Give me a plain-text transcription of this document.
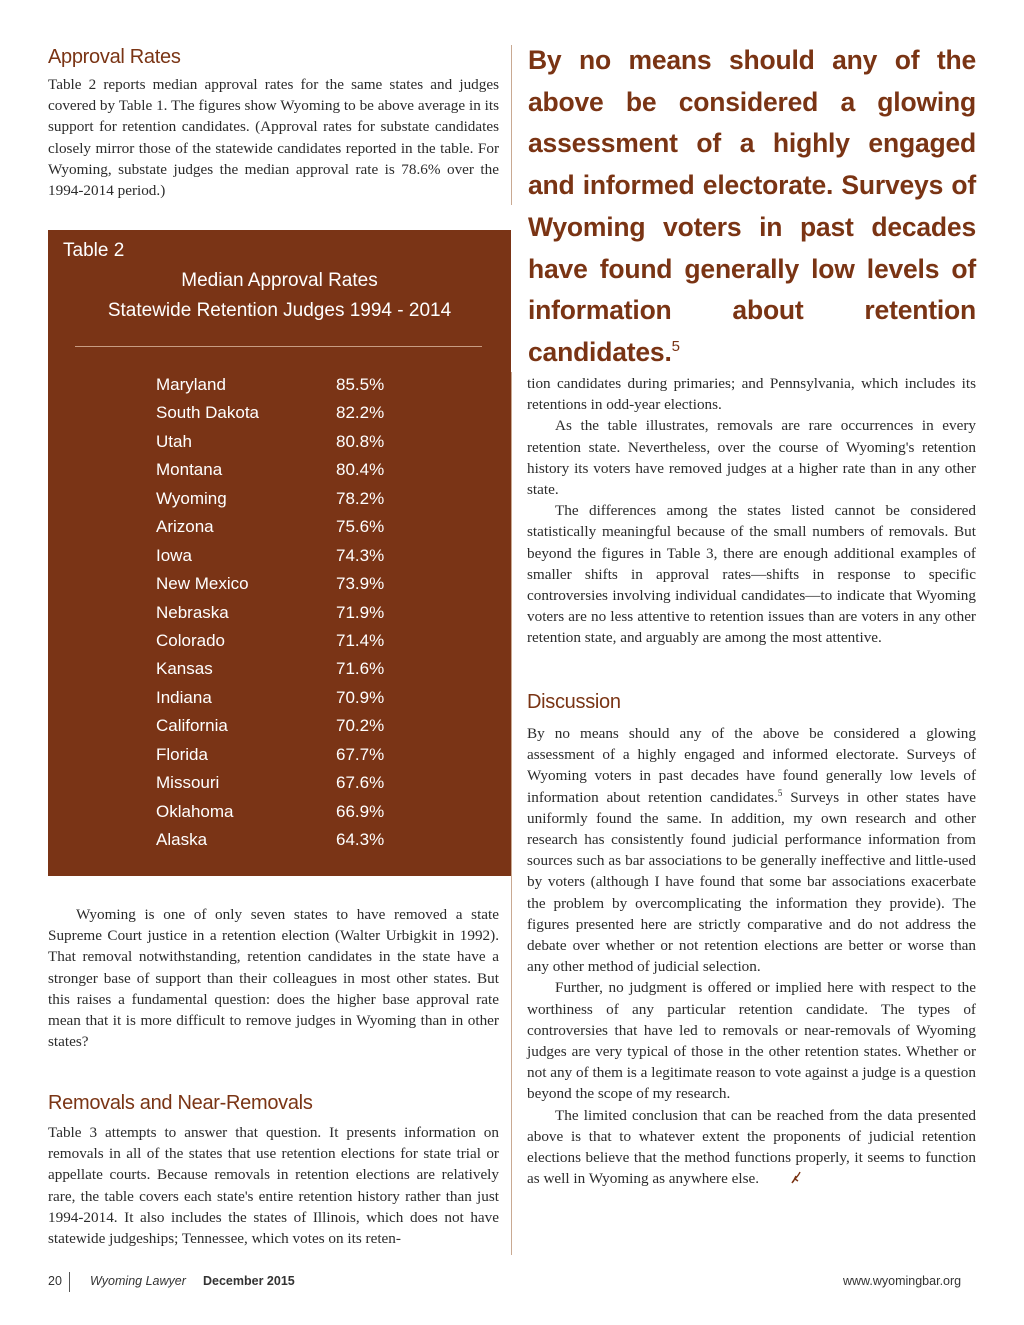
Approval Rates

Table 2 reports median approval rates for the same states and judges covered by Table 1. The figures show Wyoming to be above average in its support for retention candidates. (Approval rates for substate candidates closely mirror those of the statewide candidates reported in the table. For Wyoming, substate judges the median approval rate is 78.6% over the 1994-2014 period.)

Table 2
Median Approval Rates
Statewide Retention Judges 1994 - 2014
Maryland	85.5%
South Dakota	82.2%
Utah	80.8%
Montana	80.4%
Wyoming	78.2%
Arizona	75.6%
Iowa	74.3%
New Mexico	73.9%
Nebraska	71.9%
Colorado	71.4%
Kansas	71.6%
Indiana	70.9%
California	70.2%
Florida	67.7%
Missouri	67.6%
Oklahoma	66.9%
Alaska	64.3%

Wyoming is one of only seven states to have removed a state Supreme Court justice in a retention election (Walter Urbigkit in 1992). That removal notwithstanding, retention candidates in the state have a stronger base of support than their colleagues in most other states. But this raises a fundamental question: does the higher base approval rate mean that it is more difficult to remove judges in Wyoming than in other states?

Removals and Near-Removals

Table 3 attempts to answer that question. It presents information on removals in all of the states that use retention elections for state trial or appellate courts. Because removals in retention elections are relatively rare, the table covers each state's entire retention history rather than just 1994-2014. It also includes the states of Illinois, which does not have statewide judgeships; Tennessee, which votes on its reten-

By no means should any of the above be considered a glowing assessment of a highly engaged and informed electorate. Surveys of Wyoming voters in past decades have found generally low levels of information about retention candidates.$^5$

tion candidates during primaries; and Pennsylvania, which includes its retentions in odd-year elections.

As the table illustrates, removals are rare occurrences in every retention state. Nevertheless, over the course of Wyoming's retention history its voters have removed judges at a higher rate than in any other state.

The differences among the states listed cannot be considered statistically meaningful because of the small numbers of removals. But beyond the figures in Table 3, there are enough additional examples of smaller shifts in approval rates—shifts in response to specific controversies involving individual candidates—to indicate that Wyoming voters are no less attentive to retention issues than are voters in any other retention state, and arguably are among the most attentive.

Discussion

By no means should any of the above be considered a glowing assessment of a highly engaged and informed electorate. Surveys of Wyoming voters in past decades have found generally low levels of information about retention candidates.$^5$ Surveys in other states have uniformly found the same. In addition, my own research and other research has consistently found judicial performance information from sources such as bar associations to be generally ineffective and little-used by voters (although I have found that some bar associations exacerbate the problem by overcomplicating the information they provide). The figures presented here are strictly comparative and do not address the debate over whether or not retention elections are better or worse than any other method of judicial selection.

Further, no judgment is offered or implied here with respect to the worthiness of any particular retention candidate. The types of controversies that have led to removals or near-removals of Wyoming judges are very typical of those in the other retention states. Whether or not any of them is a legitimate reason to vote against a judge is a question beyond the scope of my research.

The limited conclusion that can be reached from the data presented above is that to whatever extent the proponents of judicial retention elections believe that the method functions properly, it seems to function as well in Wyoming as anywhere else.

20 Wyoming Lawyer December 2015	www.wyomingbar.org
